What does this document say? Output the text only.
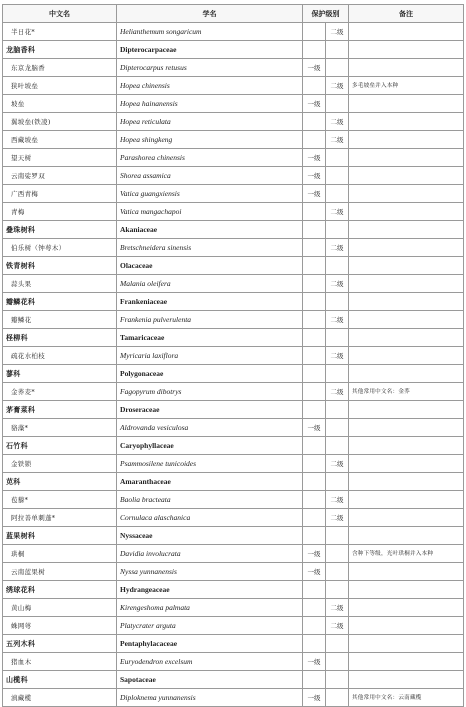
中文名	学名	保护级别		备注
半日花*	Helianthemum songaricum		二级	
龙脑香科	Dipterocarpaceae			
东京龙脑香	Dipterocarpus retusus	一级		
狭叶坡垒	Hopea chinensis		二级	多毛坡垒并入本种
坡垒	Hopea hainanensis	一级		
翼坡垒(铁凌)	Hopea reticulata		二级	
西藏坡垒	Hopea shingkeng		二级	
望天树	Parashorea chinensis	一级		
云南娑罗双	Shorea assamica	一级		
广西青梅	Vatica guangxiensis	一级		
青梅	Vatica mangachapoi		二级	
叠珠树科	Akaniaceae			
伯乐树（钟萼木）	Bretschneidera sinensis		二级	
铁青树科	Olacaceae			
蒜头果	Malania oleifera		二级	
瓣鳞花科	Frankeniaceae			
瓣鳞花	Frankenia pulverulenta		二级	
柽柳科	Tamaricaceae			
疏花水柏枝	Myricaria laxiflora		二级	
蓼科	Polygonaceae			
金荞麦*	Fagopyrum dibotrys		二级	其他常用中文名：金荞
茅膏菜科	Droseraceae			
貉藻*	Aldrovanda vesiculosa	一级		
石竹科	Caryophyllaceae			
金铁锁	Psammosilene tunicoides		二级	
苋科	Amaranthaceae			
苞藜*	Baolia bracteata		二级	
阿拉善单刺蓬*	Cornulaca alaschanica		二级	
蓝果树科	Nyssaceae			
珙桐	Davidia involucrata	一级		含种下等级，光叶珙桐并入本种
云南蓝果树	Nyssa yunnanensis	一级		
绣球花科	Hydrangeaceae			
黄山梅	Kirengeshoma palmata		二级	
蛛网萼	Platycrater arguta		二级	
五列木科	Pentaphylacaceae			
猪血木	Euryodendron excelsum	一级		
山榄科	Sapotaceae			
滇藏榄	Diploknema yunnanensis	一级		其他常用中文名：云南藏榄
